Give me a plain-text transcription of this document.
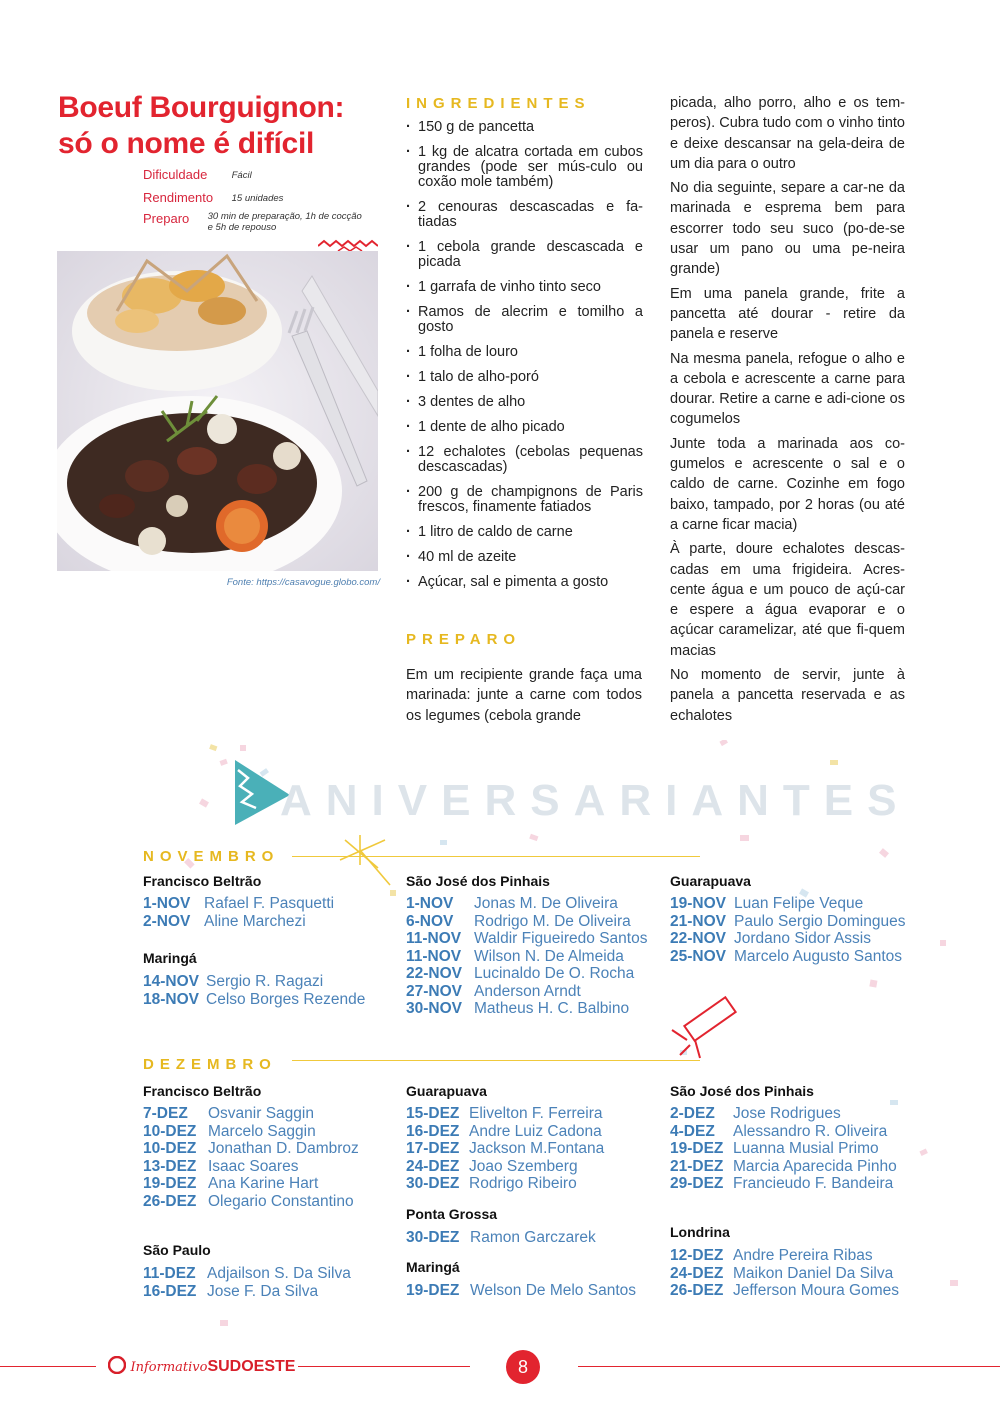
Boeuf Bourguignon:
só o nome é difícil
Dificuldade	Fácil
Rendimento 15 unidades
Preparo 30 min de preparação, 1h de cocção
e 5h de repouso
Fonte: https://casavogue.globo.com/
INGREDIENTES
· 150 g de pancetta
· 1 kg de alcatra cortada em cubos grandes (pode ser mús-culo ou coxão mole também)
· 2 cenouras descascadas e fa-tiadas
· 1 cebola grande descascada e picada
· 1 garrafa de vinho tinto seco
· Ramos de alecrim e tomilho a gosto
· 1 folha de louro
· 1 talo de alho-poró
· 3 dentes de alho
· 1 dente de alho picado
· 12 echalotes (cebolas pequenas descascadas)
· 200 g de champignons de Paris frescos, finamente fatiados
· 1 litro de caldo de carne
· 40 ml de azeite
· Açúcar, sal e pimenta a gosto
PREPARO

Em um recipiente grande faça uma marinada: junte a carne com todos os legumes (cebola grande

picada, alho porro, alho e os tem-peros). Cubra tudo com o vinho tinto e deixe descansar na gela-deira de um dia para o outro

No dia seguinte, separe a car-ne da marinada e esprema bem para escorrer todo seu suco (po-de-se usar um pano ou uma pe-neira grande)

Em uma panela grande, frite a pancetta até dourar - retire da panela e reserve

Na mesma panela, refogue o alho e a cebola e acrescente a carne para dourar. Retire a carne e adi-cione os cogumelos

Junte toda a marinada aos co-gumelos e acrescente o sal e o caldo de carne. Cozinhe em fogo baixo, tampado, por 2 horas (ou até a carne ficar macia)

À parte, doure echalotes descas-cadas em uma frigideira. Acres-cente água e um pouco de açú-car e espere a água evaporar e o açúcar caramelizar, até que fi-quem macias

No momento de servir, junte à panela a pancetta reservada e as echalotes

ANIVERSARIANTES
NOVEMBRO
Francisco Beltrão
1-NOV Rafael F. Pasquetti
2-NOV Aline Marchezi
Maringá
14-NOV Sergio R. Ragazi
18-NOV Celso Borges Rezende
São José dos Pinhais
1-NOV Jonas M. De Oliveira
6-NOV Rodrigo M. De Oliveira
11-NOV Waldir Figueiredo Santos
11-NOV Wilson N. De Almeida
22-NOV Lucinaldo De O. Rocha
27-NOV Anderson Arndt
30-NOV Matheus H. C. Balbino
Guarapuava
19-NOV Luan Felipe Veque
21-NOV Paulo Sergio Domingues
22-NOV Jordano Sidor Assis
25-NOV Marcelo Augusto Santos
DEZEMBRO
Francisco Beltrão
7-DEZ Osvanir Saggin
10-DEZ Marcelo Saggin
10-DEZ Jonathan D. Dambroz
13-DEZ Isaac Soares
19-DEZ Ana Karine Hart
26-DEZ Olegario Constantino
São Paulo
11-DEZ Adjailson S. Da Silva
16-DEZ Jose F. Da Silva
Guarapuava
15-DEZ Elivelton F. Ferreira
16-DEZ Andre Luiz Cadona
17-DEZ Jackson M.Fontana
24-DEZ Joao Szemberg
30-DEZ Rodrigo Ribeiro
Ponta Grossa
30-DEZ Ramon Garczarek
Maringá
19-DEZ Welson De Melo Santos
São José dos Pinhais
2-DEZ Jose Rodrigues
4-DEZ Alessandro R. Oliveira
19-DEZ Luanna Musial Primo
21-DEZ Marcia Aparecida Pinho
29-DEZ Francieudo F. Bandeira
Londrina
12-DEZ Andre Pereira Ribas
24-DEZ Maikon Daniel Da Silva
26-DEZ Jefferson Moura Gomes
InformativoSUDOESTE	8
